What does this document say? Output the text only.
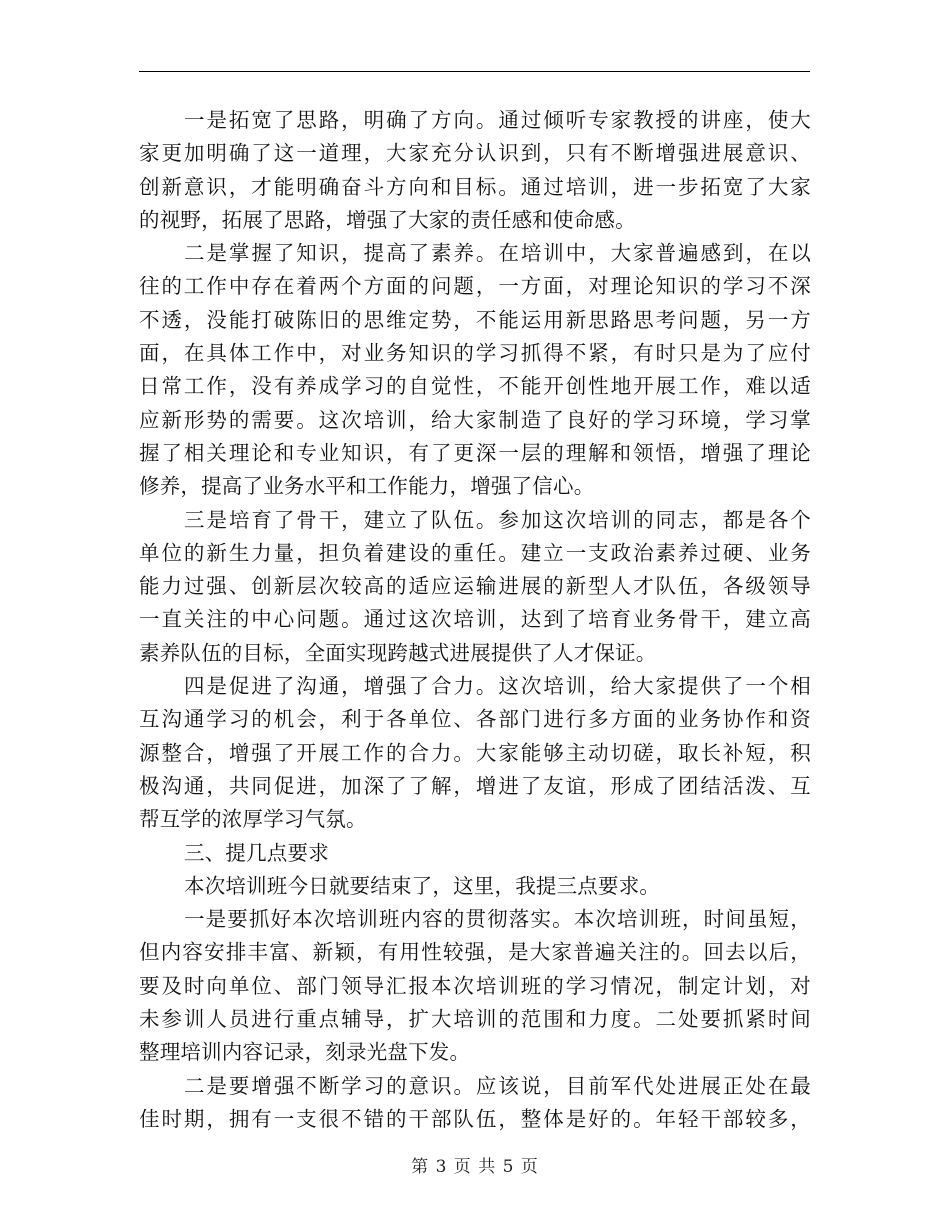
一是拓宽了思路，明确了方向。通过倾听专家教授的讲座，使大
家更加明确了这一道理，大家充分认识到，只有不断增强进展意识、
创新意识，才能明确奋斗方向和目标。通过培训，进一步拓宽了大家
的视野，拓展了思路，增强了大家的责任感和使命感。
二是掌握了知识，提高了素养。在培训中，大家普遍感到，在以
往的工作中存在着两个方面的问题，一方面，对理论知识的学习不深
不透，没能打破陈旧的思维定势，不能运用新思路思考问题，另一方
面，在具体工作中，对业务知识的学习抓得不紧，有时只是为了应付
日常工作，没有养成学习的自觉性，不能开创性地开展工作，难以适
应新形势的需要。这次培训，给大家制造了良好的学习环境，学习掌
握了相关理论和专业知识，有了更深一层的理解和领悟，增强了理论
修养，提高了业务水平和工作能力，增强了信心。
三是培育了骨干，建立了队伍。参加这次培训的同志，都是各个
单位的新生力量，担负着建设的重任。建立一支政治素养过硬、业务
能力过强、创新层次较高的适应运输进展的新型人才队伍，各级领导
一直关注的中心问题。通过这次培训，达到了培育业务骨干，建立高
素养队伍的目标，全面实现跨越式进展提供了人才保证。
四是促进了沟通，增强了合力。这次培训，给大家提供了一个相
互沟通学习的机会，利于各单位、各部门进行多方面的业务协作和资
源整合，增强了开展工作的合力。大家能够主动切磋，取长补短，积
极沟通，共同促进，加深了了解，增进了友谊，形成了团结活泼、互
帮互学的浓厚学习气氛。
三、提几点要求
本次培训班今日就要结束了，这里，我提三点要求。
一是要抓好本次培训班内容的贯彻落实。本次培训班，时间虽短，
但内容安排丰富、新颖，有用性较强，是大家普遍关注的。回去以后，
要及时向单位、部门领导汇报本次培训班的学习情况，制定计划，对
未参训人员进行重点辅导，扩大培训的范围和力度。二处要抓紧时间
整理培训内容记录，刻录光盘下发。
二是要增强不断学习的意识。应该说，目前军代处进展正处在最
佳时期，拥有一支很不错的干部队伍，整体是好的。年轻干部较多，
第 3 页 共 5 页
